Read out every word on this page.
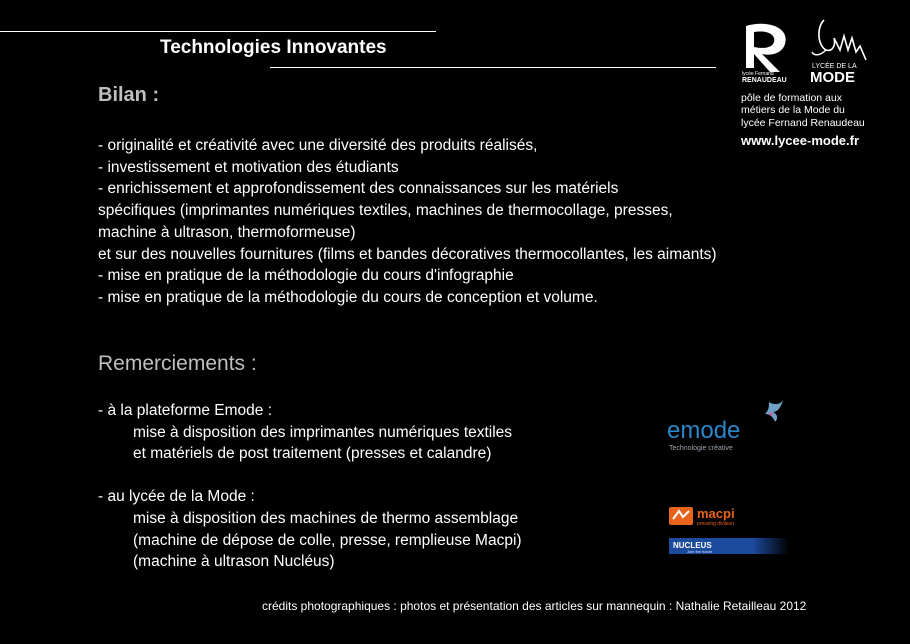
Technologies Innovantes
lycée Fernand
RENAUDEAU
LYCÉE DE LA
MODE
pôle de formation aux
métiers de la Mode du
lycée Fernand Renaudeau
www.lycee-mode.fr
Bilan :
- originalité et créativité avec une diversité des produits réalisés,
- investissement et motivation des étudiants
- enrichissement et approfondissement des connaissances sur les matériels
spécifiques (imprimantes numériques textiles, machines de thermocollage, presses,
machine à ultrason, thermoformeuse)
et sur des nouvelles fournitures (films et bandes décoratives thermocollantes, les aimants)
- mise en pratique de la méthodologie du cours d'infographie
- mise en pratique de la méthodologie du cours de conception et volume.
Remerciements :
- à la plateforme Emode :
mise à disposition des imprimantes numériques textiles
et matériels de post traitement (presses et calandre)
- au lycée de la Mode :
mise à disposition des machines de thermo assemblage
(machine de dépose de colle, presse, remplieuse Macpi)
(machine à ultrason Nucléus)
emode
Technologie créative
macpi
pressing division
NUCLEUS
Join the future
crédits photographiques : photos et présentation des articles sur mannequin : Nathalie Retailleau 2012
